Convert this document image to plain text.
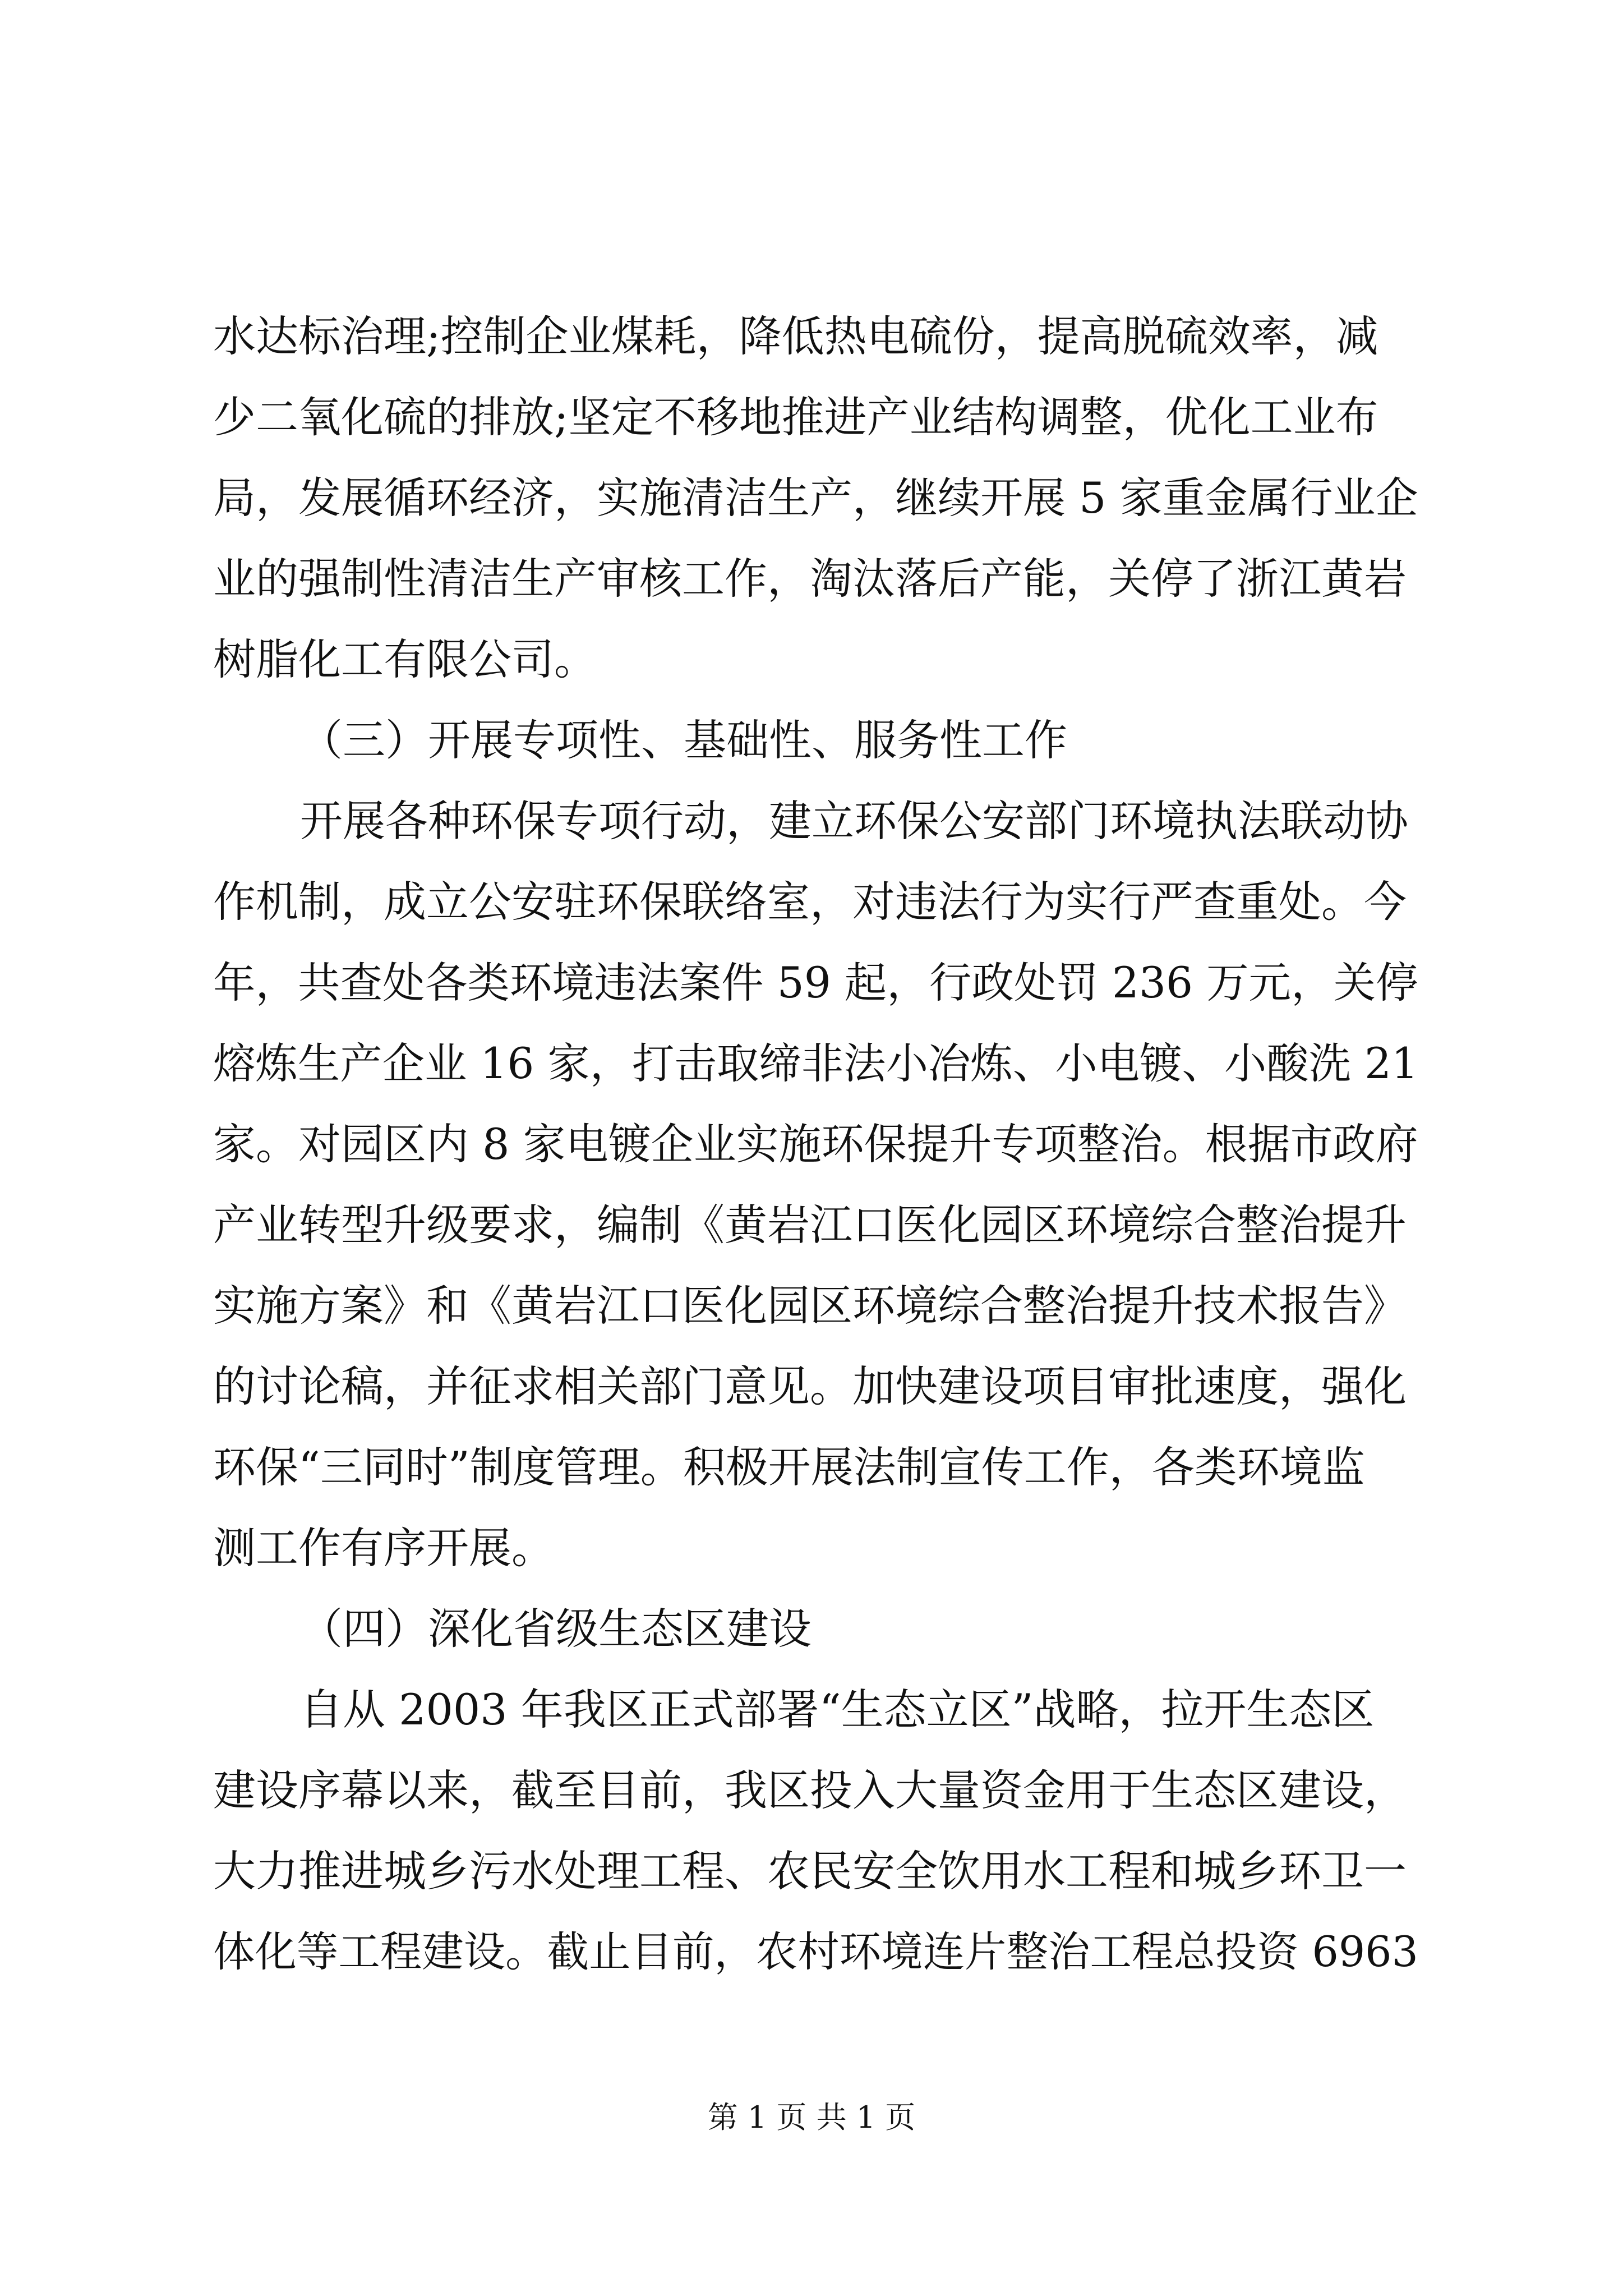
水达标治理;控制企业煤耗，降低热电硫份，提高脱硫效率，减
少二氧化硫的排放;坚定不移地推进产业结构调整，优化工业布
局，发展循环经济，实施清洁生产，继续开展 5 家重金属行业企
业的强制性清洁生产审核工作，淘汰落后产能，关停了浙江黄岩
树脂化工有限公司。
（三）开展专项性、基础性、服务性工作
开展各种环保专项行动，建立环保公安部门环境执法联动协
作机制，成立公安驻环保联络室，对违法行为实行严查重处。今
年，共查处各类环境违法案件 59 起，行政处罚 236 万元，关停
熔炼生产企业 16 家，打击取缔非法小冶炼、小电镀、小酸洗 21
家。对园区内 8 家电镀企业实施环保提升专项整治。根据市政府
产业转型升级要求，编制《黄岩江口医化园区环境综合整治提升
实施方案》和《黄岩江口医化园区环境综合整治提升技术报告》
的讨论稿，并征求相关部门意见。加快建设项目审批速度，强化
环保“三同时”制度管理。积极开展法制宣传工作，各类环境监
测工作有序开展。
（四）深化省级生态区建设
自从 2003 年我区正式部署“生态立区”战略，拉开生态区
建设序幕以来，截至目前，我区投入大量资金用于生态区建设，
大力推进城乡污水处理工程、农民安全饮用水工程和城乡环卫一
体化等工程建设。截止目前，农村环境连片整治工程总投资 6963
第 1 页 共 1 页
